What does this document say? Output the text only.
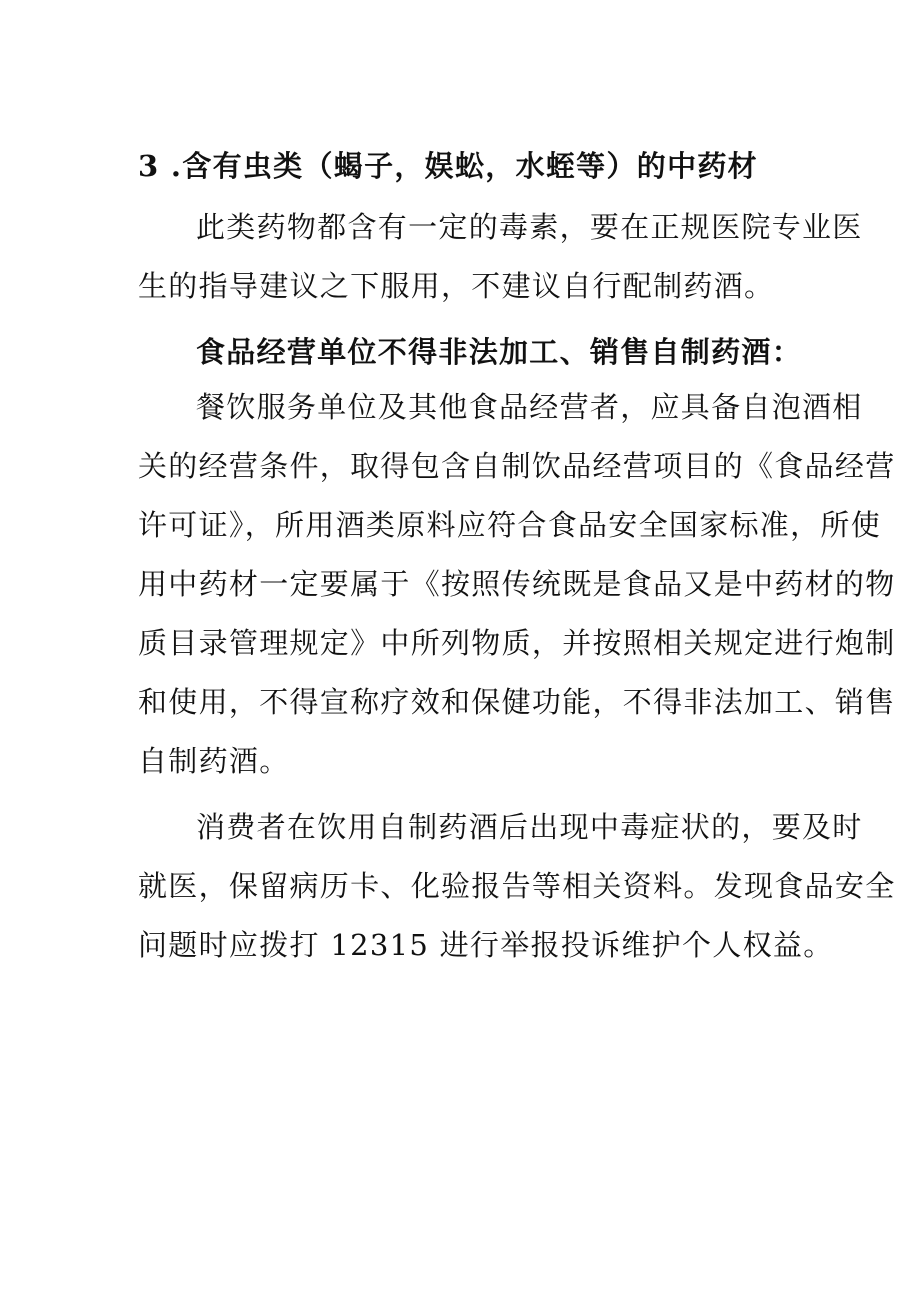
3 .含有虫类（蝎子，娱蚣，水蛭等）的中药材

此类药物都含有一定的毒素，要在正规医院专业医
生的指导建议之下服用，不建议自行配制药酒。

食品经营单位不得非法加工、销售自制药酒：

餐饮服务单位及其他食品经营者，应具备自泡酒相
关的经营条件，取得包含自制饮品经营项目的《食品经营
许可证》，所用酒类原料应符合食品安全国家标准，所使
用中药材一定要属于《按照传统既是食品又是中药材的物
质目录管理规定》中所列物质，并按照相关规定进行炮制
和使用，不得宣称疗效和保健功能，不得非法加工、销售
自制药酒。

消费者在饮用自制药酒后出现中毒症状的，要及时
就医，保留病历卡、化验报告等相关资料。发现食品安全
问题时应拨打 12315 进行举报投诉维护个人权益。
